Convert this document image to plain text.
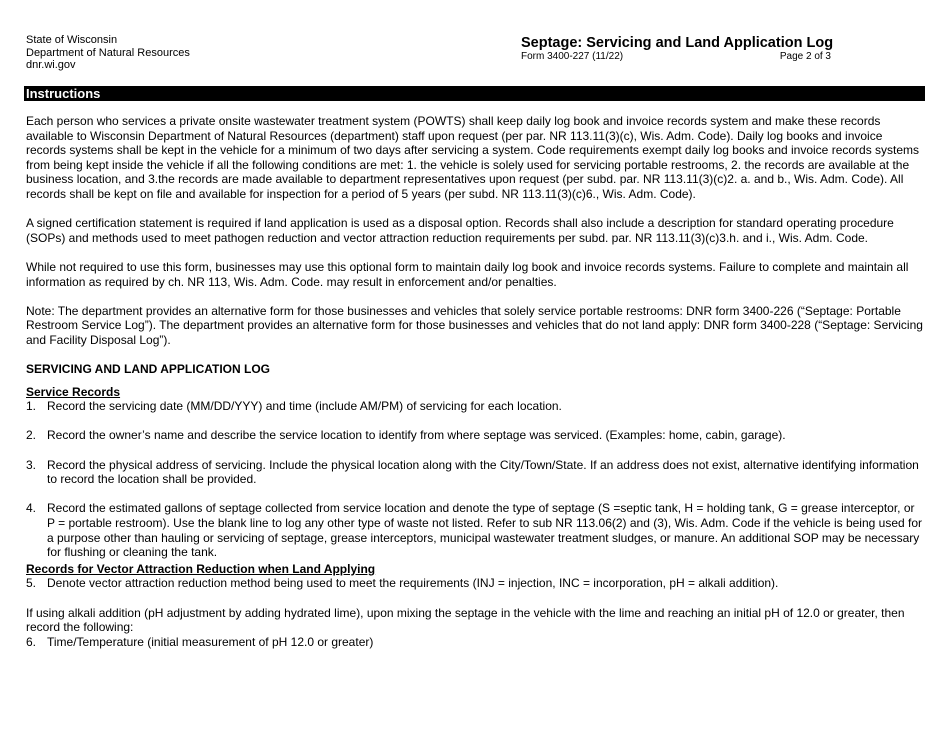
State of Wisconsin
Department of Natural Resources
dnr.wi.gov
Septage: Servicing and Land Application Log
Form 3400-227 (11/22)	Page 2 of 3
Instructions

Each person who services a private onsite wastewater treatment system (POWTS) shall keep daily log book and invoice records system and make these records available to Wisconsin Department of Natural Resources (department) staff upon request (per par. NR 113.11(3)(c), Wis. Adm. Code). Daily log books and invoice records systems shall be kept in the vehicle for a minimum of two days after servicing a system. Code requirements exempt daily log books and invoice records systems from being kept inside the vehicle if all the following conditions are met: 1. the vehicle is solely used for servicing portable restrooms, 2. the records are available at the business location, and 3.the records are made available to department representatives upon request (per subd. par. NR 113.11(3)(c)2. a. and b., Wis. Adm. Code). All records shall be kept on file and available for inspection for a period of 5 years (per subd. NR 113.11(3)(c)6., Wis. Adm. Code).

A signed certification statement is required if land application is used as a disposal option. Records shall also include a description for standard operating procedure (SOPs) and methods used to meet pathogen reduction and vector attraction reduction requirements per subd. par. NR 113.11(3)(c)3.h. and i., Wis. Adm. Code.

While not required to use this form, businesses may use this optional form to maintain daily log book and invoice records systems. Failure to complete and maintain all information as required by ch. NR 113, Wis. Adm. Code. may result in enforcement and/or penalties.

Note: The department provides an alternative form for those businesses and vehicles that solely service portable restrooms: DNR form 3400-226 (“Septage: Portable Restroom Service Log”). The department provides an alternative form for those businesses and vehicles that do not land apply: DNR form 3400-228 (“Septage: Servicing and Facility Disposal Log”).

SERVICING AND LAND APPLICATION LOG
Service Records
1. Record the servicing date (MM/DD/YYY) and time (include AM/PM) of servicing for each location.
2. Record the owner’s name and describe the service location to identify from where septage was serviced. (Examples: home, cabin, garage).
3. Record the physical address of servicing. Include the physical location along with the City/Town/State. If an address does not exist, alternative identifying information to record the location shall be provided.
4. Record the estimated gallons of septage collected from service location and denote the type of septage (S =septic tank, H = holding tank, G = grease interceptor, or P = portable restroom). Use the blank line to log any other type of waste not listed. Refer to sub NR 113.06(2) and (3), Wis. Adm. Code if the vehicle is being used for a purpose other than hauling or servicing of septage, grease interceptors, municipal wastewater treatment sludges, or manure. An additional SOP may be necessary for flushing or cleaning the tank.
Records for Vector Attraction Reduction when Land Applying
5. Denote vector attraction reduction method being used to meet the requirements (INJ = injection, INC = incorporation, pH = alkali addition).

If using alkali addition (pH adjustment by adding hydrated lime), upon mixing the septage in the vehicle with the lime and reaching an initial pH of 12.0 or greater, then record the following:

6. Time/Temperature (initial measurement of pH 12.0 or greater)
